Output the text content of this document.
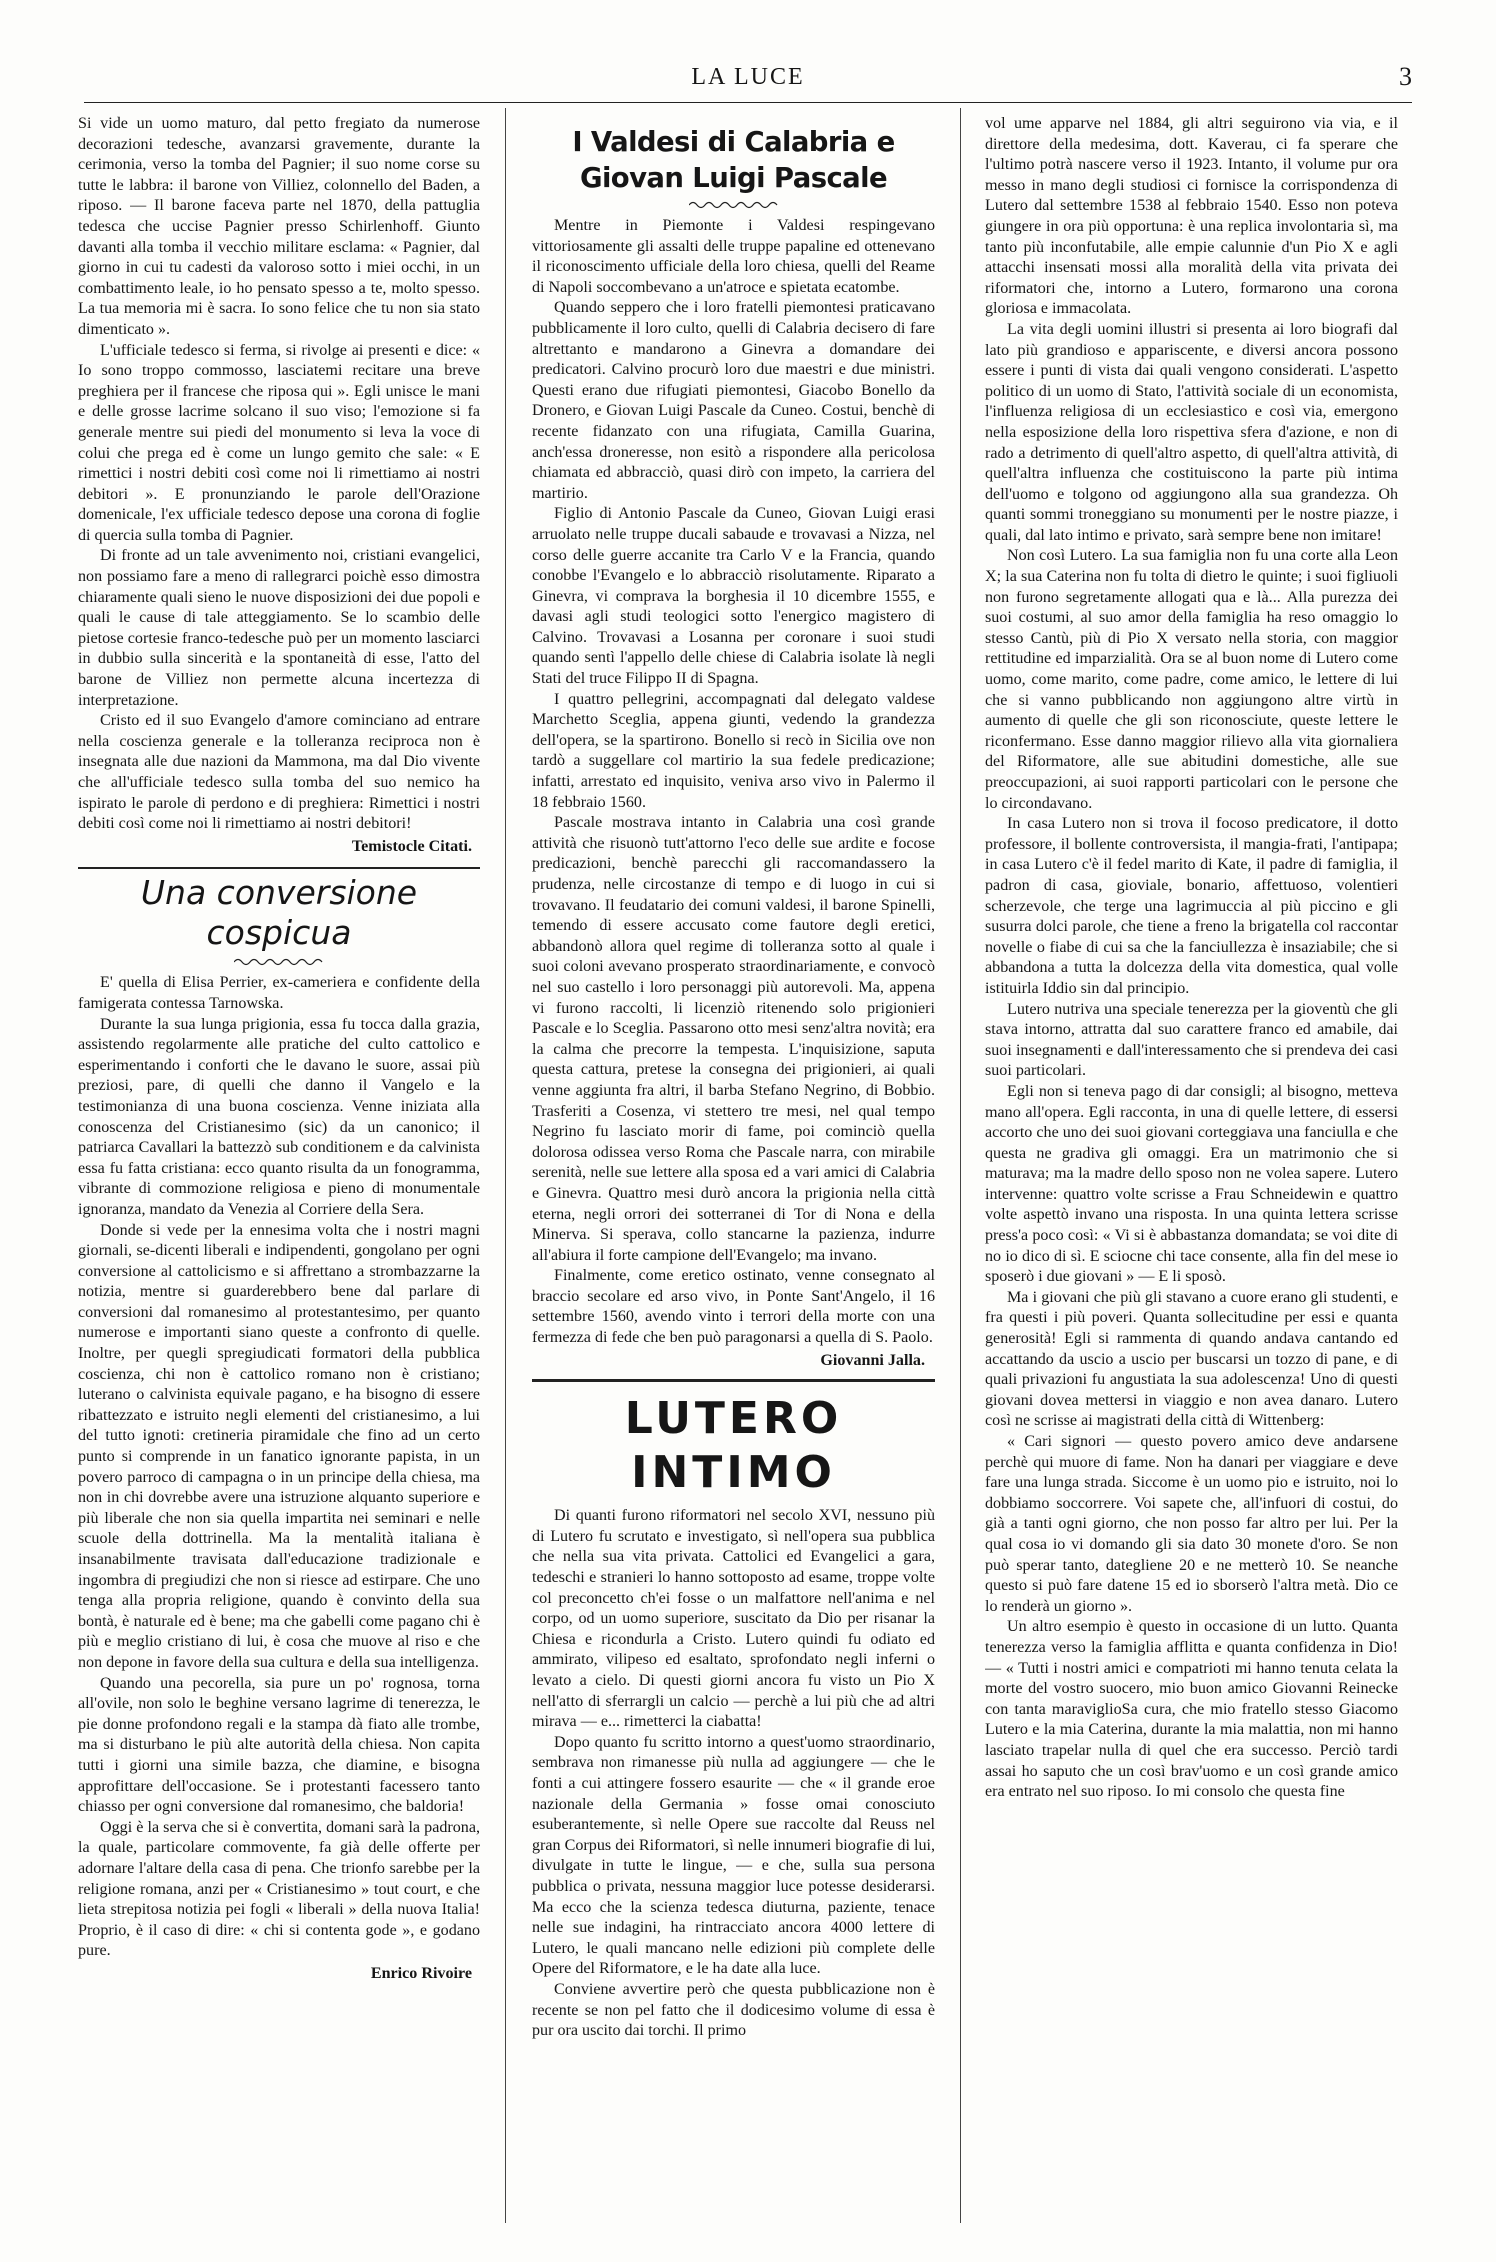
LA LUCE	3

Si vide un uomo maturo, dal petto fregiato da numerose decorazioni tedesche, avanzarsi gravemente, durante la cerimonia, verso la tomba del Pagnier; il suo nome corse su tutte le labbra: il barone von Villiez, colonnello del Baden, a riposo. — Il barone faceva parte nel 1870, della pattuglia tedesca che uccise Pagnier presso Schirlenhoff. Giunto davanti alla tomba il vecchio militare esclama: « Pagnier, dal giorno in cui tu cadesti da valoroso sotto i miei occhi, in un combattimento leale, io ho pensato spesso a te, molto spesso. La tua memoria mi è sacra. Io sono felice che tu non sia stato dimenticato ».

L'ufficiale tedesco si ferma, si rivolge ai presenti e dice: « Io sono troppo commosso, lasciatemi recitare una breve preghiera per il francese che riposa qui ». Egli unisce le mani e delle grosse lacrime solcano il suo viso; l'emozione si fa generale mentre sui piedi del monumento si leva la voce di colui che prega ed è come un lungo gemito che sale: « E rimettici i nostri debiti così come noi li rimettiamo ai nostri debitori ». E pronunziando le parole dell'Orazione domenicale, l'ex ufficiale tedesco depose una corona di foglie di quercia sulla tomba di Pagnier.

Di fronte ad un tale avvenimento noi, cristiani evangelici, non possiamo fare a meno di rallegrarci poichè esso dimostra chiaramente quali sieno le nuove disposizioni dei due popoli e quali le cause di tale atteggiamento. Se lo scambio delle pietose cortesie franco-tedesche può per un momento lasciarci in dubbio sulla sincerità e la spontaneità di esse, l'atto del barone de Villiez non permette alcuna incertezza di interpretazione.

Cristo ed il suo Evangelo d'amore cominciano ad entrare nella coscienza generale e la tolleranza reciproca non è insegnata alle due nazioni da Mammona, ma dal Dio vivente che all'ufficiale tedesco sulla tomba del suo nemico ha ispirato le parole di perdono e di preghiera: Rimettici i nostri debiti così come noi li rimettiamo ai nostri debitori!

Temistocle Citati.
Una conversione cospicua

E' quella di Elisa Perrier, ex-cameriera e confidente della famigerata contessa Tarnowska.

Durante la sua lunga prigionia, essa fu tocca dalla grazia, assistendo regolarmente alle pratiche del culto cattolico e esperimentando i conforti che le davano le suore, assai più preziosi, pare, di quelli che danno il Vangelo e la testimonianza di una buona coscienza. Venne iniziata alla conoscenza del Cristianesimo (sic) da un canonico; il patriarca Cavallari la battezzò sub conditionem e da calvinista essa fu fatta cristiana: ecco quanto risulta da un fonogramma, vibrante di commozione religiosa e pieno di monumentale ignoranza, mandato da Venezia al Corriere della Sera.

Donde si vede per la ennesima volta che i nostri magni giornali, se-dicenti liberali e indipendenti, gongolano per ogni conversione al cattolicismo e si affrettano a strombazzarne la notizia, mentre si guarderebbero bene dal parlare di conversioni dal romanesimo al protestantesimo, per quanto numerose e importanti siano queste a confronto di quelle. Inoltre, per quegli spregiudicati formatori della pubblica coscienza, chi non è cattolico romano non è cristiano; luterano o calvinista equivale pagano, e ha bisogno di essere ribattezzato e istruito negli elementi del cristianesimo, a lui del tutto ignoti: cretineria piramidale che fino ad un certo punto si comprende in un fanatico ignorante papista, in un povero parroco di campagna o in un principe della chiesa, ma non in chi dovrebbe avere una istruzione alquanto superiore e più liberale che non sia quella impartita nei seminari e nelle scuole della dottrinella. Ma la mentalità italiana è insanabilmente travisata dall'educazione tradizionale e ingombra di pregiudizi che non si riesce ad estirpare. Che uno tenga alla propria religione, quando è convinto della sua bontà, è naturale ed è bene; ma che gabelli come pagano chi è più e meglio cristiano di lui, è cosa che muove al riso e che non depone in favore della sua cultura e della sua intelligenza.

Quando una pecorella, sia pure un po' rognosa, torna all'ovile, non solo le beghine versano lagrime di tenerezza, le pie donne profondono regali e la stampa dà fiato alle trombe, ma si disturbano le più alte autorità della chiesa. Non capita tutti i giorni una simile bazza, che diamine, e bisogna approfittare dell'occasione. Se i protestanti facessero tanto chiasso per ogni conversione dal romanesimo, che baldoria!

Oggi è la serva che si è convertita, domani sarà la padrona, la quale, particolare commovente, fa già delle offerte per adornare l'altare della casa di pena. Che trionfo sarebbe per la religione romana, anzi per « Cristianesimo » tout court, e che lieta strepitosa notizia pei fogli « liberali » della nuova Italia! Proprio, è il caso di dire: « chi si contenta gode », e godano pure.

Enrico Rivoire
I Valdesi di Calabria e Giovan Luigi Pascale

Mentre in Piemonte i Valdesi respingevano vittoriosamente gli assalti delle truppe papaline ed ottenevano il riconoscimento ufficiale della loro chiesa, quelli del Reame di Napoli soccombevano a un'atroce e spietata ecatombe.

Quando seppero che i loro fratelli piemontesi praticavano pubblicamente il loro culto, quelli di Calabria decisero di fare altrettanto e mandarono a Ginevra a domandare dei predicatori. Calvino procurò loro due maestri e due ministri. Questi erano due rifugiati piemontesi, Giacobo Bonello da Dronero, e Giovan Luigi Pascale da Cuneo. Costui, benchè di recente fidanzato con una rifugiata, Camilla Guarina, anch'essa droneresse, non esitò a rispondere alla pericolosa chiamata ed abbracciò, quasi dirò con impeto, la carriera del martirio.

Figlio di Antonio Pascale da Cuneo, Giovan Luigi erasi arruolato nelle truppe ducali sabaude e trovavasi a Nizza, nel corso delle guerre accanite tra Carlo V e la Francia, quando conobbe l'Evangelo e lo abbracciò risolutamente. Riparato a Ginevra, vi comprava la borghesia il 10 dicembre 1555, e davasi agli studi teologici sotto l'energico magistero di Calvino. Trovavasi a Losanna per coronare i suoi studi quando sentì l'appello delle chiese di Calabria isolate là negli Stati del truce Filippo II di Spagna.

I quattro pellegrini, accompagnati dal delegato valdese Marchetto Sceglia, appena giunti, vedendo la grandezza dell'opera, se la spartirono. Bonello si recò in Sicilia ove non tardò a suggellare col martirio la sua fedele predicazione; infatti, arrestato ed inquisito, veniva arso vivo in Palermo il 18 febbraio 1560.

Pascale mostrava intanto in Calabria una così grande attività che risuonò tutt'attorno l'eco delle sue ardite e focose predicazioni, benchè parecchi gli raccomandassero la prudenza, nelle circostanze di tempo e di luogo in cui si trovavano. Il feudatario dei comuni valdesi, il barone Spinelli, temendo di essere accusato come fautore degli eretici, abbandonò allora quel regime di tolleranza sotto al quale i suoi coloni avevano prosperato straordinariamente, e convocò nel suo castello i loro personaggi più autorevoli. Ma, appena vi furono raccolti, li licenziò ritenendo solo prigionieri Pascale e lo Sceglia. Passarono otto mesi senz'altra novità; era la calma che precorre la tempesta. L'inquisizione, saputa questa cattura, pretese la consegna dei prigionieri, ai quali venne aggiunta fra altri, il barba Stefano Negrino, di Bobbio. Trasferiti a Cosenza, vi stettero tre mesi, nel qual tempo Negrino fu lasciato morir di fame, poi cominciò quella dolorosa odissea verso Roma che Pascale narra, con mirabile serenità, nelle sue lettere alla sposa ed a vari amici di Calabria e Ginevra. Quattro mesi durò ancora la prigionia nella città eterna, negli orrori dei sotterranei di Tor di Nona e della Minerva. Si sperava, collo stancarne la pazienza, indurre all'abiura il forte campione dell'Evangelo; ma invano.

Finalmente, come eretico ostinato, venne consegnato al braccio secolare ed arso vivo, in Ponte Sant'Angelo, il 16 settembre 1560, avendo vinto i terrori della morte con una fermezza di fede che ben può paragonarsi a quella di S. Paolo.

Giovanni Jalla.
LUTERO INTIMO

Di quanti furono riformatori nel secolo XVI, nessuno più di Lutero fu scrutato e investigato, sì nell'opera sua pubblica che nella sua vita privata. Cattolici ed Evangelici a gara, tedeschi e stranieri lo hanno sottoposto ad esame, troppe volte col preconcetto ch'ei fosse o un malfattore nell'anima e nel corpo, od un uomo superiore, suscitato da Dio per risanar la Chiesa e ricondurla a Cristo. Lutero quindi fu odiato ed ammirato, vilipeso ed esaltato, sprofondato negli inferni o levato a cielo. Di questi giorni ancora fu visto un Pio X nell'atto di sferrargli un calcio — perchè a lui più che ad altri mirava — e... rimetterci la ciabatta!

Dopo quanto fu scritto intorno a quest'uomo straordinario, sembrava non rimanesse più nulla ad aggiungere — che le fonti a cui attingere fossero esaurite — che « il grande eroe nazionale della Germania » fosse omai conosciuto esuberantemente, sì nelle Opere sue raccolte dal Reuss nel gran Corpus dei Riformatori, sì nelle innumeri biografie di lui, divulgate in tutte le lingue, — e che, sulla sua persona pubblica o privata, nessuna maggior luce potesse desiderarsi. Ma ecco che la scienza tedesca diuturna, paziente, tenace nelle sue indagini, ha rintracciato ancora 4000 lettere di Lutero, le quali mancano nelle edizioni più complete delle Opere del Riformatore, e le ha date alla luce.

Conviene avvertire però che questa pubblicazione non è recente se non pel fatto che il dodicesimo volume di essa è pur ora uscito dai torchi. Il primo

vol ume apparve nel 1884, gli altri seguirono via via, e il direttore della medesima, dott. Kaverau, ci fa sperare che l'ultimo potrà nascere verso il 1923. Intanto, il volume pur ora messo in mano degli studiosi ci fornisce la corrispondenza di Lutero dal settembre 1538 al febbraio 1540. Esso non poteva giungere in ora più opportuna: è una replica involontaria sì, ma tanto più inconfutabile, alle empie calunnie d'un Pio X e agli attacchi insensati mossi alla moralità della vita privata dei riformatori che, intorno a Lutero, formarono una corona gloriosa e immacolata.

La vita degli uomini illustri si presenta ai loro biografi dal lato più grandioso e appariscente, e diversi ancora possono essere i punti di vista dai quali vengono considerati. L'aspetto politico di un uomo di Stato, l'attività sociale di un economista, l'influenza religiosa di un ecclesiastico e così via, emergono nella esposizione della loro rispettiva sfera d'azione, e non di rado a detrimento di quell'altro aspetto, di quell'altra attività, di quell'altra influenza che costituiscono la parte più intima dell'uomo e tolgono od aggiungono alla sua grandezza. Oh quanti sommi troneggiano su monumenti per le nostre piazze, i quali, dal lato intimo e privato, sarà sempre bene non imitare!

Non così Lutero. La sua famiglia non fu una corte alla Leon X; la sua Caterina non fu tolta di dietro le quinte; i suoi figliuoli non furono segretamente allogati qua e là... Alla purezza dei suoi costumi, al suo amor della famiglia ha reso omaggio lo stesso Cantù, più di Pio X versato nella storia, con maggior rettitudine ed imparzialità. Ora se al buon nome di Lutero come uomo, come marito, come padre, come amico, le lettere di lui che si vanno pubblicando non aggiungono altre virtù in aumento di quelle che gli son riconosciute, queste lettere le riconfermano. Esse danno maggior rilievo alla vita giornaliera del Riformatore, alle sue abitudini domestiche, alle sue preoccupazioni, ai suoi rapporti particolari con le persone che lo circondavano.

In casa Lutero non si trova il focoso predicatore, il dotto professore, il bollente controversista, il mangia-frati, l'antipapa; in casa Lutero c'è il fedel marito di Kate, il padre di famiglia, il padron di casa, gioviale, bonario, affettuoso, volentieri scherzevole, che terge una lagrimuccia al più piccino e gli susurra dolci parole, che tiene a freno la brigatella col raccontar novelle o fiabe di cui sa che la fanciullezza è insaziabile; che si abbandona a tutta la dolcezza della vita domestica, qual volle istituirla Iddio sin dal principio.

Lutero nutriva una speciale tenerezza per la gioventù che gli stava intorno, attratta dal suo carattere franco ed amabile, dai suoi insegnamenti e dall'interessamento che si prendeva dei casi suoi particolari.

Egli non si teneva pago di dar consigli; al bisogno, metteva mano all'opera. Egli racconta, in una di quelle lettere, di essersi accorto che uno dei suoi giovani corteggiava una fanciulla e che questa ne gradiva gli omaggi. Era un matrimonio che si maturava; ma la madre dello sposo non ne volea sapere. Lutero intervenne: quattro volte scrisse a Frau Schneidewin e quattro volte aspettò invano una risposta. In una quinta lettera scrisse press'a poco così: « Vi si è abbastanza domandata; se voi dite di no io dico di sì. E sciocne chi tace consente, alla fin del mese io sposerò i due giovani » — E li sposò.

Ma i giovani che più gli stavano a cuore erano gli studenti, e fra questi i più poveri. Quanta sollecitudine per essi e quanta generosità! Egli si rammenta di quando andava cantando ed accattando da uscio a uscio per buscarsi un tozzo di pane, e di quali privazioni fu angustiata la sua adolescenza! Uno di questi giovani dovea mettersi in viaggio e non avea danaro. Lutero così ne scrisse ai magistrati della città di Wittenberg:

« Cari signori — questo povero amico deve andarsene perchè qui muore di fame. Non ha danari per viaggiare e deve fare una lunga strada. Siccome è un uomo pio e istruito, noi lo dobbiamo soccorrere. Voi sapete che, all'infuori di costui, do già a tanti ogni giorno, che non posso far altro per lui. Per la qual cosa io vi domando gli sia dato 30 monete d'oro. Se non può sperar tanto, dategliene 20 e ne metterò 10. Se neanche questo si può fare datene 15 ed io sborserò l'altra metà. Dio ce lo renderà un giorno ».

Un altro esempio è questo in occasione di un lutto. Quanta tenerezza verso la famiglia afflitta e quanta confidenza in Dio! — « Tutti i nostri amici e compatrioti mi hanno tenuta celata la morte del vostro suocero, mio buon amico Giovanni Reinecke con tanta maraviglioSa cura, che mio fratello stesso Giacomo Lutero e la mia Caterina, durante la mia malattia, non mi hanno lasciato trapelar nulla di quel che era successo. Perciò tardi assai ho saputo che un così brav'uomo e un così grande amico era entrato nel suo riposo. Io mi consolo che questa fine
